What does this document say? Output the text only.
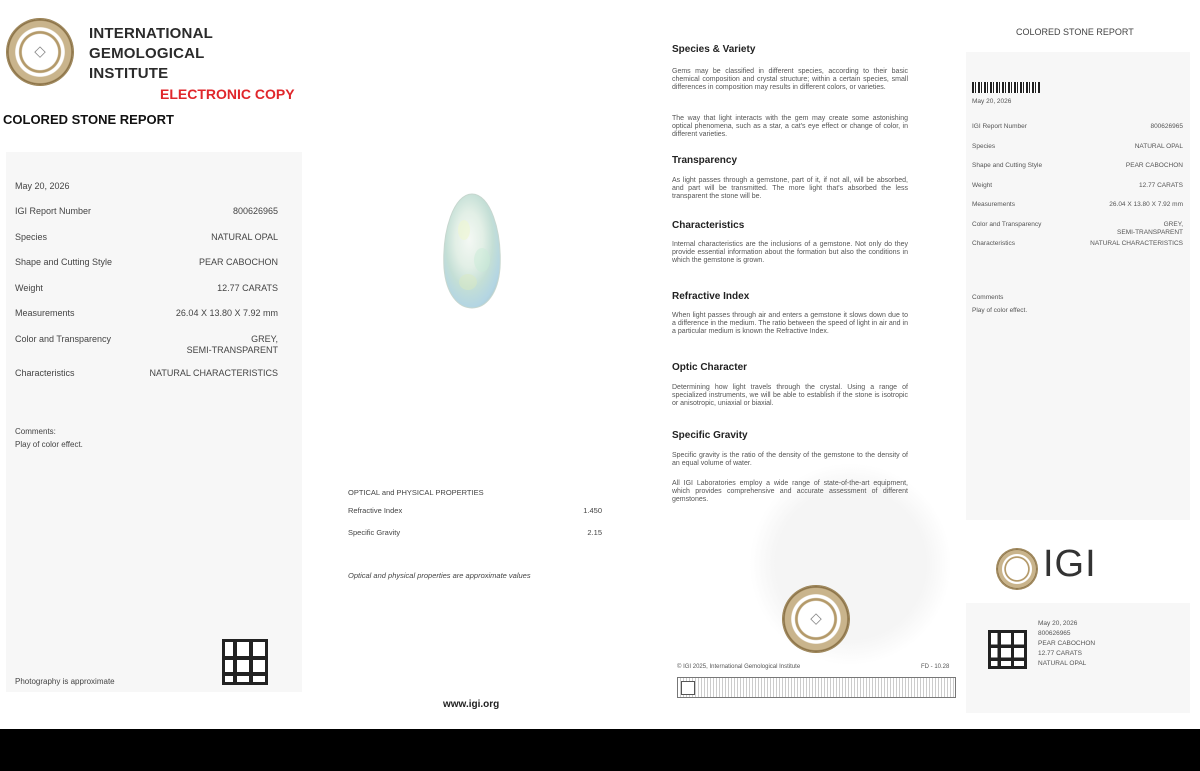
◇
INTERNATIONAL
GEMOLOGICAL
INSTITUTE
ELECTRONIC COPY
COLORED STONE REPORT
May 20, 2026
IGI Report Number	800626965
Species	NATURAL OPAL
Shape and Cutting Style	PEAR CABOCHON
Weight	12.77 CARATS
Measurements	26.04 X 13.80 X 7.92 mm
Color and Transparency	GREY,
SEMI-TRANSPARENT
Characteristics	NATURAL CHARACTERISTICS
Comments:
Play of color effect.
Photography is approximate
OPTICAL and PHYSICAL PROPERTIES
Refractive Index	1.450
Specific Gravity	2.15
Optical and physical properties are approximate values
www.igi.org
Species & Variety
Gems may be classified in different species, according to their basic chemical composition and crystal structure; within a certain species, small differences in composition may results in different colors, or varieties.
The way that light interacts with the gem may create some astonishing optical phenomena, such as a star, a cat's eye effect or change of color, in different varieties.
Transparency
As light passes through a gemstone, part of it, if not all, will be absorbed, and part will be transmitted. The more light that's absorbed the less transparent the stone will be.
Characteristics
Internal characteristics are the inclusions of a gemstone. Not only do they provide essential information about the formation but also the conditions in which the gemstone is grown.
Refractive Index
When light passes through air and enters a gemstone it slows down due to a difference in the medium. The ratio between the speed of light in air and in a particular medium is known the Refractive Index.
Optic Character
Determining how light travels through the crystal. Using a range of specialized instruments, we will be able to establish if the stone is isotropic or anisotropic, uniaxial or biaxial.
Specific Gravity
Specific gravity is the ratio of the density of the gemstone to the density of an equal volume of water.
All IGI Laboratories employ a wide range of state-of-the-art equipment, which provides comprehensive and accurate assessment of different gemstones.
◇
© IGI 2025, International Gemological Institute	FD - 10.28
COLORED STONE REPORT
May 20, 2026
IGI Report Number	800626965
Species	NATURAL OPAL
Shape and Cutting Style	PEAR CABOCHON
Weight	12.77 CARATS
Measurements	26.04 X 13.80 X 7.92 mm
Color and Transparency	GREY,
SEMI-TRANSPARENT
Characteristics	NATURAL CHARACTERISTICS
Comments
Play of color effect.
IGI
May 20, 2026
800626965
PEAR CABOCHON
12.77 CARATS
NATURAL OPAL
